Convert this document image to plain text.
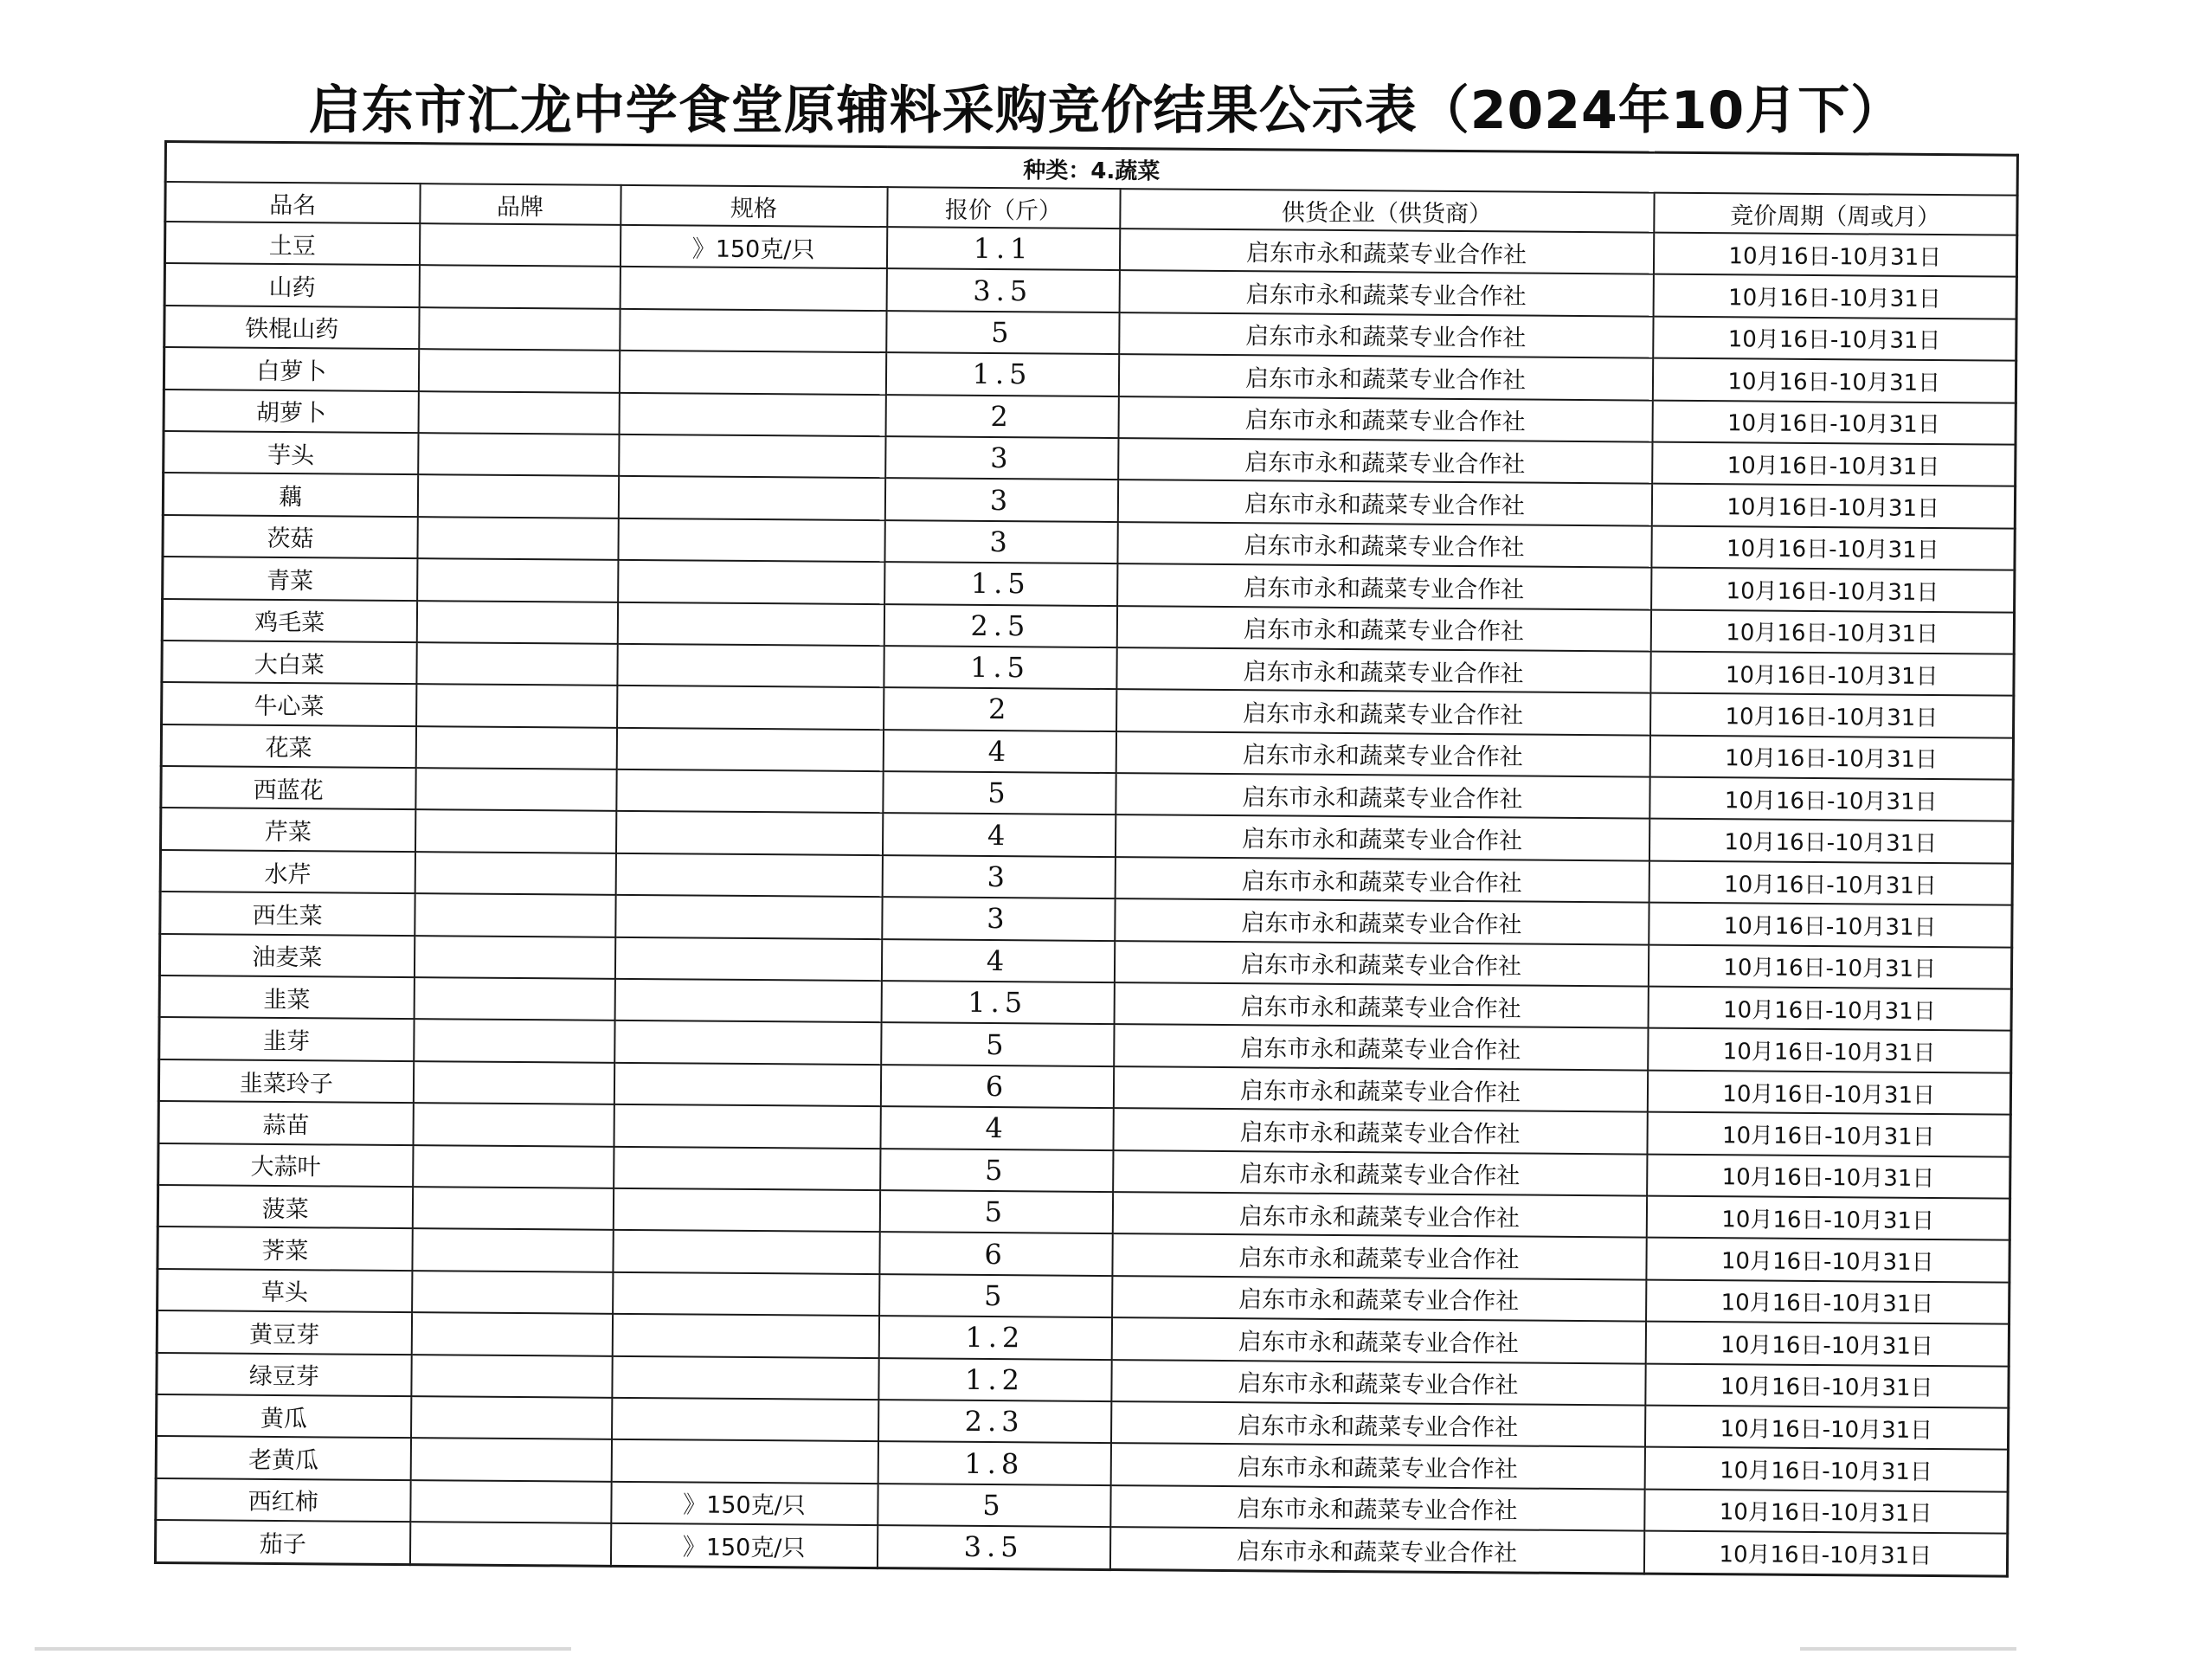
启东市汇龙中学食堂原辅料采购竞价结果公示表（2024年10月下）
种类：4.蔬菜					
品名	品牌	规格	报价（斤）	供货企业（供货商）	竞价周期（周或月）
土豆		》150克/只	1.1	启东市永和蔬菜专业合作社	10月16日-10月31日
山药			3.5	启东市永和蔬菜专业合作社	10月16日-10月31日
铁棍山药			5	启东市永和蔬菜专业合作社	10月16日-10月31日
白萝卜			1.5	启东市永和蔬菜专业合作社	10月16日-10月31日
胡萝卜			2	启东市永和蔬菜专业合作社	10月16日-10月31日
芋头			3	启东市永和蔬菜专业合作社	10月16日-10月31日
藕			3	启东市永和蔬菜专业合作社	10月16日-10月31日
茨菇			3	启东市永和蔬菜专业合作社	10月16日-10月31日
青菜			1.5	启东市永和蔬菜专业合作社	10月16日-10月31日
鸡毛菜			2.5	启东市永和蔬菜专业合作社	10月16日-10月31日
大白菜			1.5	启东市永和蔬菜专业合作社	10月16日-10月31日
牛心菜			2	启东市永和蔬菜专业合作社	10月16日-10月31日
花菜			4	启东市永和蔬菜专业合作社	10月16日-10月31日
西蓝花			5	启东市永和蔬菜专业合作社	10月16日-10月31日
芹菜			4	启东市永和蔬菜专业合作社	10月16日-10月31日
水芹			3	启东市永和蔬菜专业合作社	10月16日-10月31日
西生菜			3	启东市永和蔬菜专业合作社	10月16日-10月31日
油麦菜			4	启东市永和蔬菜专业合作社	10月16日-10月31日
韭菜			1.5	启东市永和蔬菜专业合作社	10月16日-10月31日
韭芽			5	启东市永和蔬菜专业合作社	10月16日-10月31日
韭菜玲子			6	启东市永和蔬菜专业合作社	10月16日-10月31日
蒜苗			4	启东市永和蔬菜专业合作社	10月16日-10月31日
大蒜叶			5	启东市永和蔬菜专业合作社	10月16日-10月31日
菠菜			5	启东市永和蔬菜专业合作社	10月16日-10月31日
荠菜			6	启东市永和蔬菜专业合作社	10月16日-10月31日
草头			5	启东市永和蔬菜专业合作社	10月16日-10月31日
黄豆芽			1.2	启东市永和蔬菜专业合作社	10月16日-10月31日
绿豆芽			1.2	启东市永和蔬菜专业合作社	10月16日-10月31日
黄瓜			2.3	启东市永和蔬菜专业合作社	10月16日-10月31日
老黄瓜			1.8	启东市永和蔬菜专业合作社	10月16日-10月31日
西红柿		》150克/只	5	启东市永和蔬菜专业合作社	10月16日-10月31日
茄子		》150克/只	3.5	启东市永和蔬菜专业合作社	10月16日-10月31日
